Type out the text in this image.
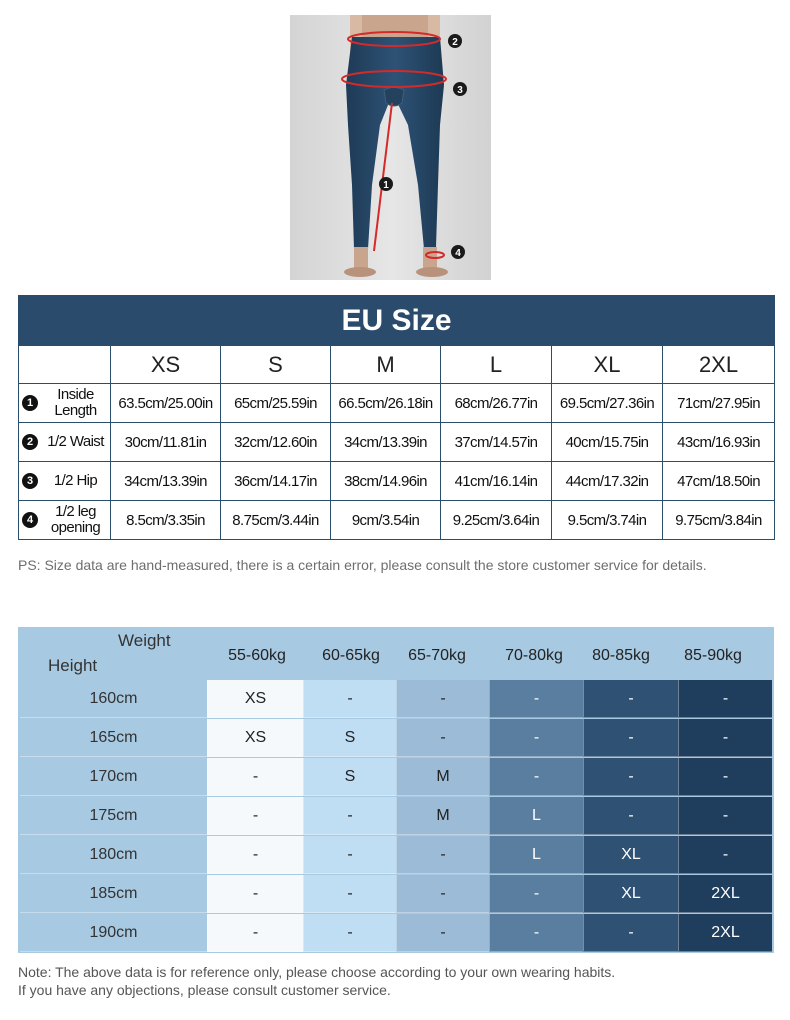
2
3
1
4
EU Size						
	XS	S	M	L	XL	2XL

1 Inside
Length	63.5cm/25.00in	65cm/25.59in	66.5cm/26.18in	68cm/26.77in	69.5cm/27.36in	71cm/27.95in

2 1/2 Waist	30cm/11.81in	32cm/12.60in	34cm/13.39in	37cm/14.57in	40cm/15.75in	43cm/16.93in

3 1/2 Hip	34cm/13.39in	36cm/14.17in	38cm/14.96in	41cm/16.14in	44cm/17.32in	47cm/18.50in

4 1/2 leg
opening	8.5cm/3.35in	8.75cm/3.44in	9cm/3.54in	9.25cm/3.64in	9.5cm/3.74in	9.75cm/3.84in
PS: Size data are hand-measured, there is a certain error, please consult the store customer service for details.
Weight
Height
55-60kg	60-65kg	65-70kg	70-80kg	80-85kg	85-90kg
160cm	XS	-	-	-	-	-
165cm	XS	S	-	-	-	-
170cm	-	S	M	-	-	-
175cm	-	-	M	L	-	-
180cm	-	-	-	L	XL	-
185cm	-	-	-	-	XL	2XL
190cm	-	-	-	-	-	2XL
Note: The above data is for reference only, please choose according to your own wearing habits.
If you have any objections, please consult customer service.
